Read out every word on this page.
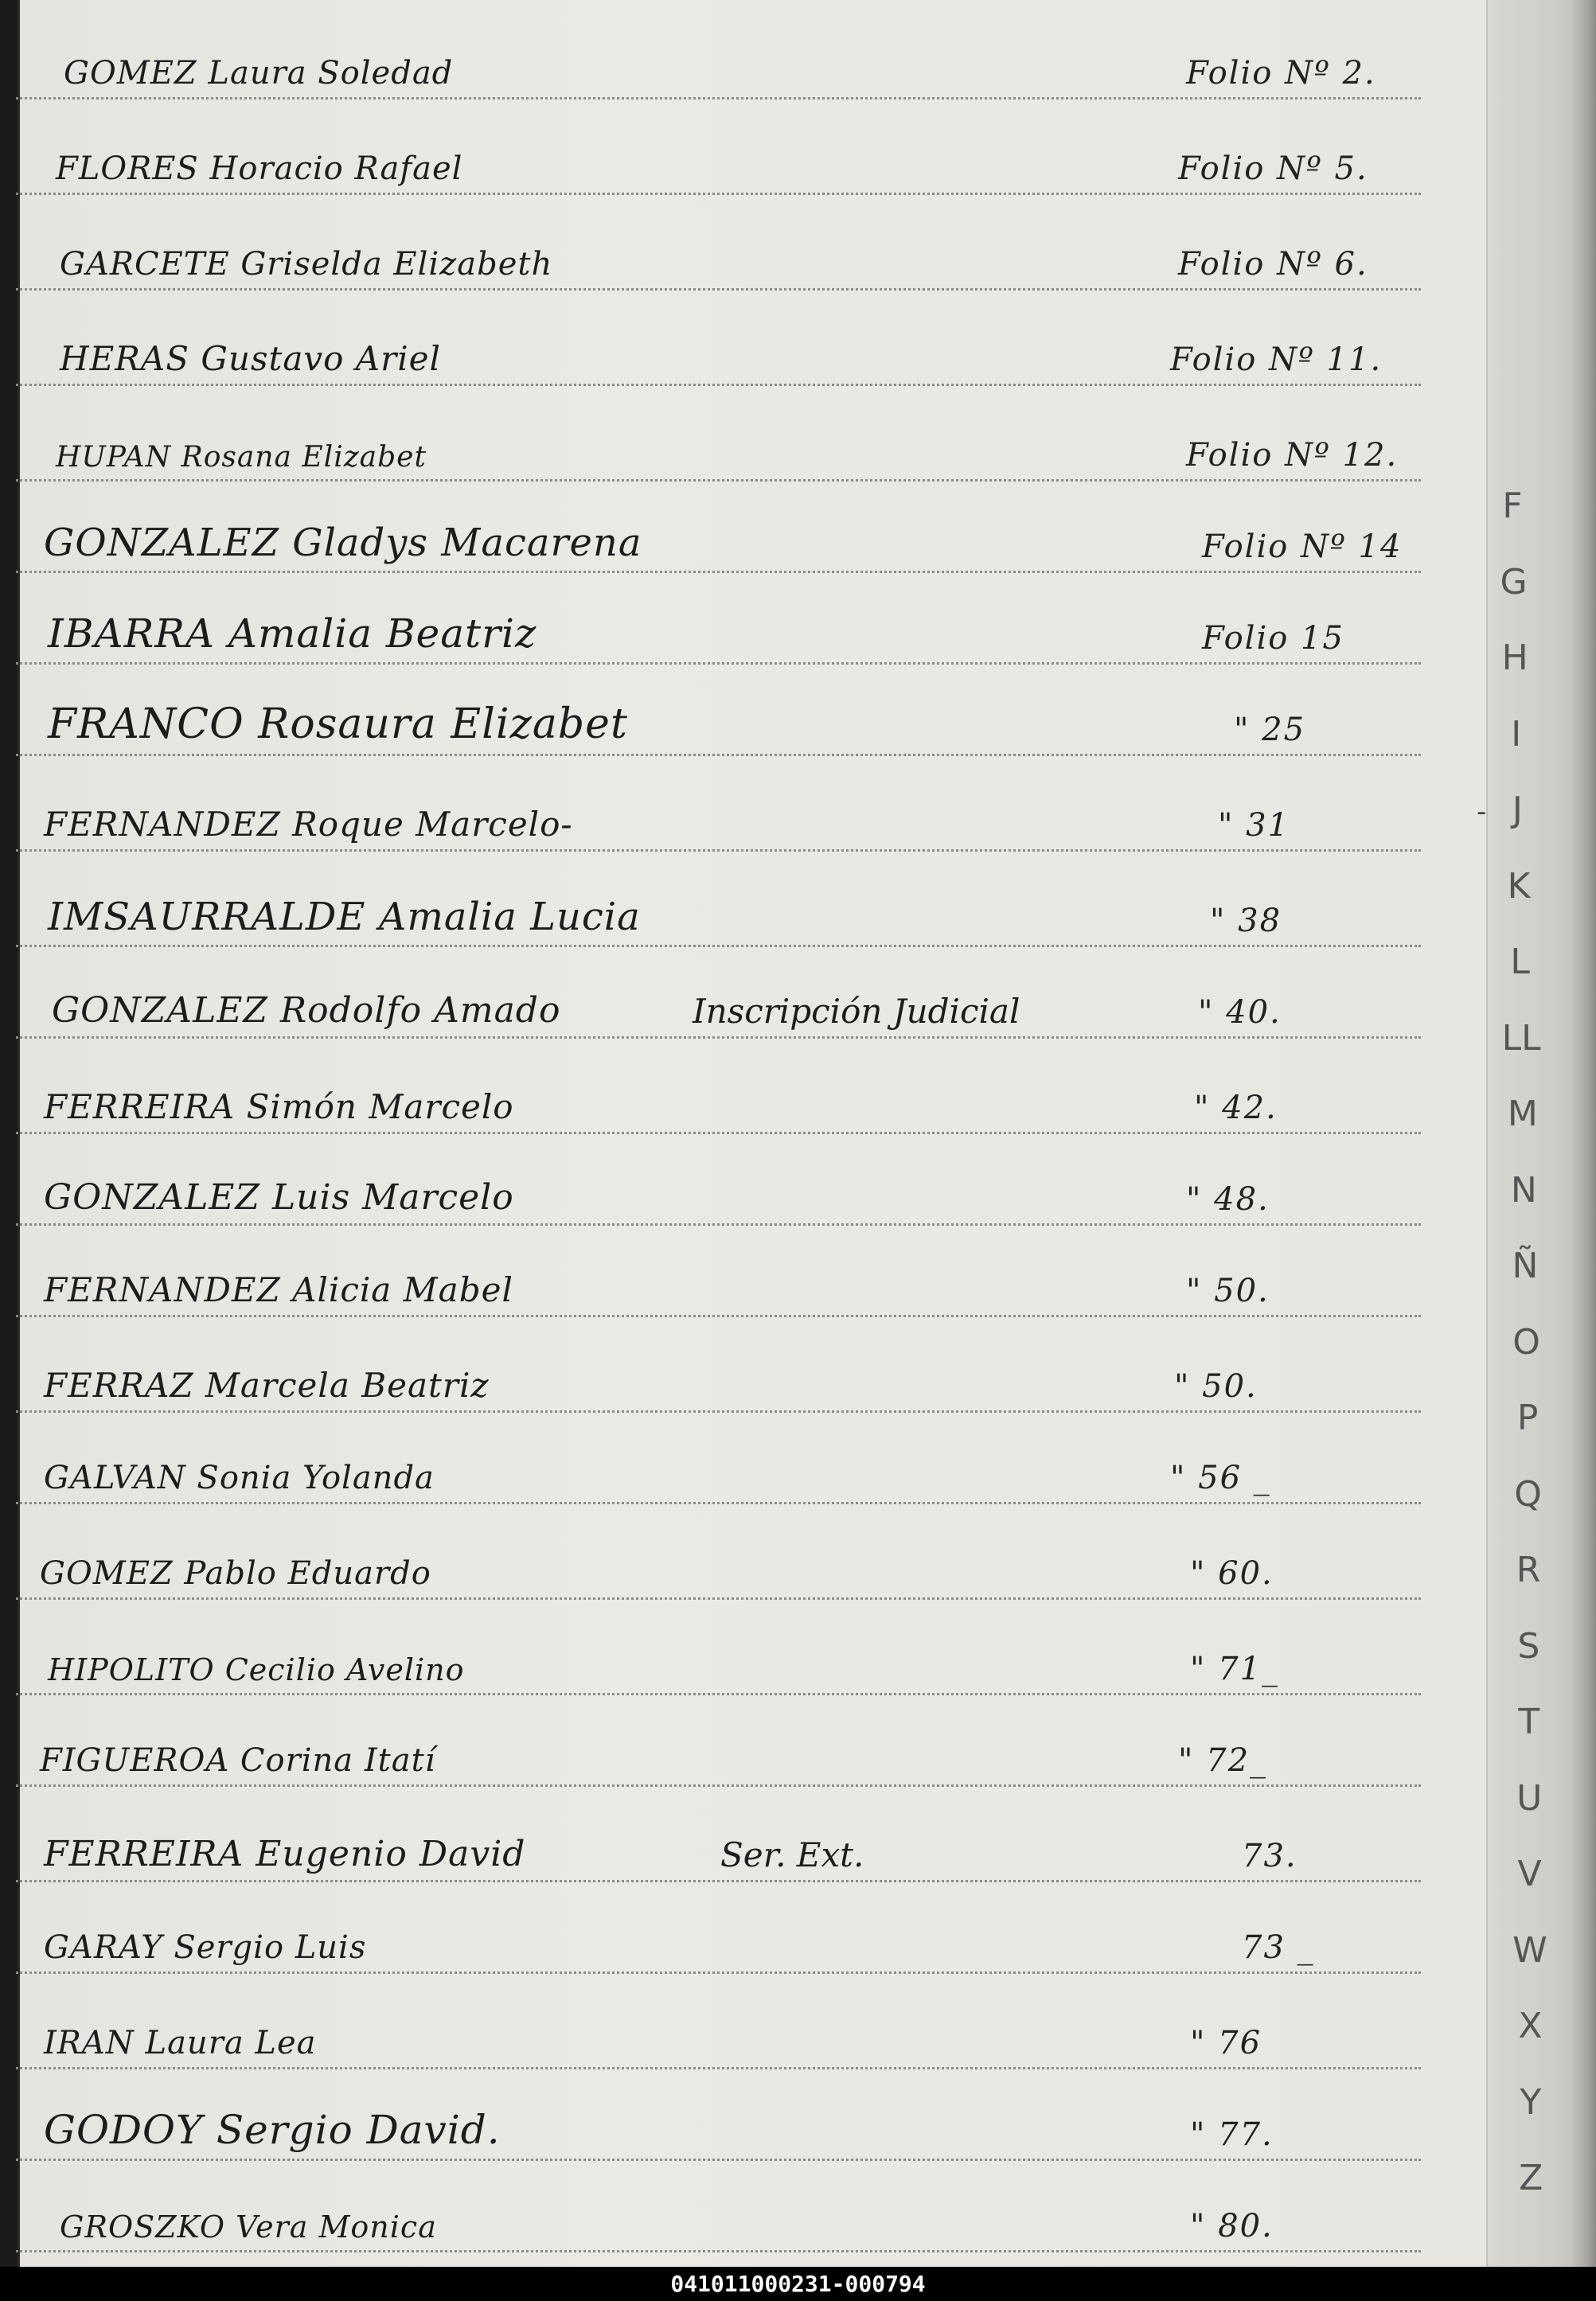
GOMEZ Laura Soledad	Folio Nº 2.
FLORES Horacio Rafael	Folio Nº 5.
GARCETE Griselda Elizabeth	Folio Nº 6.
HERAS Gustavo Ariel	Folio Nº 11.
HUPAN Rosana Elizabet	Folio Nº 12.
GONZALEZ Gladys Macarena	Folio Nº 14
IBARRA Amalia Beatriz	Folio 15
FRANCO Rosaura Elizabet	" 25
FERNANDEZ Roque Marcelo-	" 31
IMSAURRALDE Amalia Lucia	" 38
GONZALEZ Rodolfo Amado	Inscripción Judicial	" 40.
FERREIRA Simón Marcelo	" 42.
GONZALEZ Luis Marcelo	" 48.
FERNANDEZ Alicia Mabel	" 50.
FERRAZ Marcela Beatriz	" 50.
GALVAN Sonia Yolanda	" 56 _
GOMEZ Pablo Eduardo	" 60.
HIPOLITO Cecilio Avelino	" 71_
FIGUEROA Corina Itatí	" 72_
FERREIRA Eugenio David	Ser. Ext.	73.
GARAY Sergio Luis	73 _
IRAN Laura Lea	" 76
GODOY Sergio David.	" 77.
GROSZKO Vera Monica	" 80.
F
G
H
I
J
K
L
LL
M
N
Ñ
O
P
Q
R
S
T
U
V
W
X
Y
Z
-
041011000231-000794
